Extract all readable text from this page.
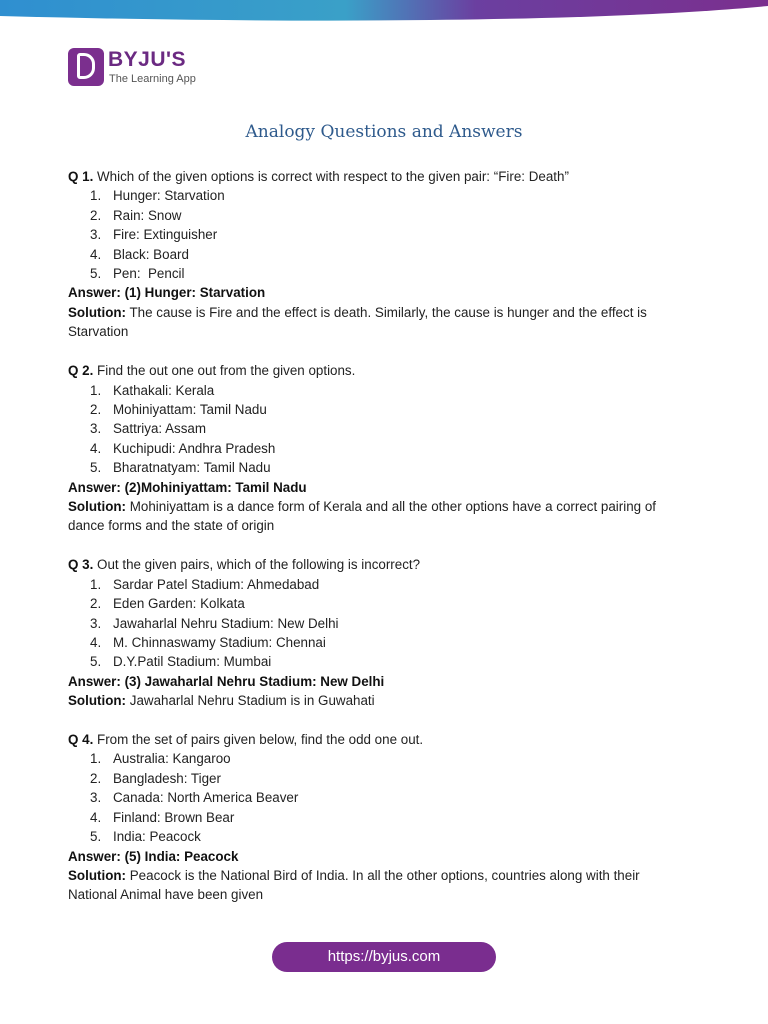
BYJU'S
The Learning App
Analogy Questions and Answers

Q 1. Which of the given options is correct with respect to the given pair: “Fire: Death”

1. Hunger: Starvation

2. Rain: Snow

3. Fire: Extinguisher

4. Black: Board

5. Pen:  Pencil

Answer: (1) Hunger: Starvation

Solution: The cause is Fire and the effect is death. Similarly, the cause is hunger and the effect is Starvation

Q 2. Find the out one out from the given options.

1. Kathakali: Kerala

2. Mohiniyattam: Tamil Nadu

3. Sattriya: Assam

4. Kuchipudi: Andhra Pradesh

5. Bharatnatyam: Tamil Nadu

Answer: (2)Mohiniyattam: Tamil Nadu

Solution: Mohiniyattam is a dance form of Kerala and all the other options have a correct pairing of dance forms and the state of origin

Q 3. Out the given pairs, which of the following is incorrect?

1. Sardar Patel Stadium: Ahmedabad

2. Eden Garden: Kolkata

3. Jawaharlal Nehru Stadium: New Delhi

4. M. Chinnaswamy Stadium: Chennai

5. D.Y.Patil Stadium: Mumbai

Answer: (3) Jawaharlal Nehru Stadium: New Delhi

Solution: Jawaharlal Nehru Stadium is in Guwahati

Q 4. From the set of pairs given below, find the odd one out.

1. Australia: Kangaroo

2. Bangladesh: Tiger

3. Canada: North America Beaver

4. Finland: Brown Bear

5. India: Peacock

Answer: (5) India: Peacock

Solution: Peacock is the National Bird of India. In all the other options, countries along with their National Animal have been given

https://byjus.com
